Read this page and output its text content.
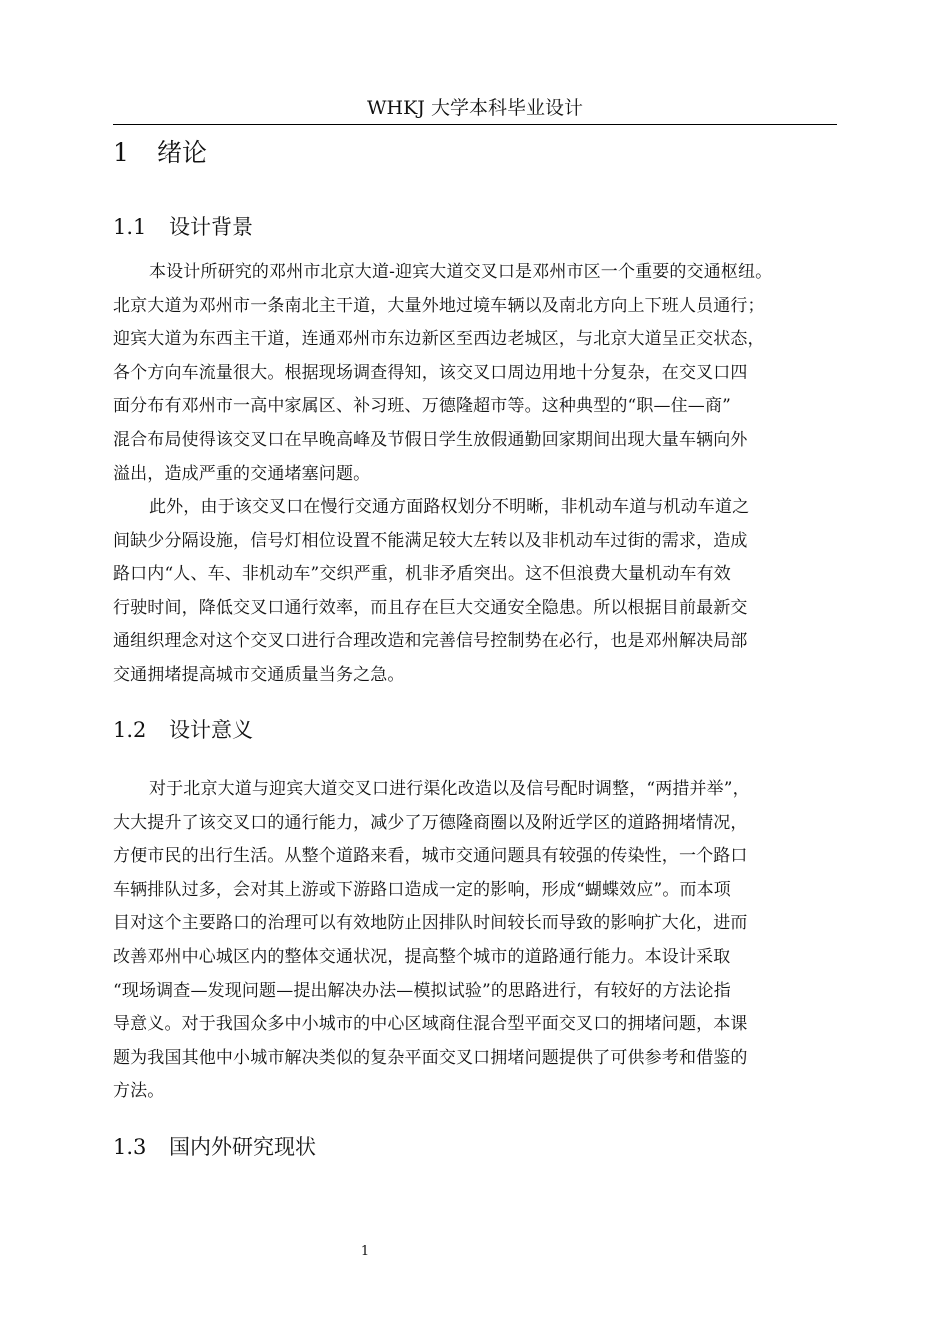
WHKJ 大学本科毕业设计
1 绪论
1.1 设计背景
本设计所研究的邓州市北京大道-迎宾大道交叉口是邓州市区一个重要的交通枢纽。
北京大道为邓州市一条南北主干道，大量外地过境车辆以及南北方向上下班人员通行；
迎宾大道为东西主干道，连通邓州市东边新区至西边老城区，与北京大道呈正交状态，
各个方向车流量很大。根据现场调查得知，该交叉口周边用地十分复杂，在交叉口四
面分布有邓州市一高中家属区、补习班、万德隆超市等。这种典型的“职—住—商”
混合布局使得该交叉口在早晚高峰及节假日学生放假通勤回家期间出现大量车辆向外
溢出，造成严重的交通堵塞问题。
此外，由于该交叉口在慢行交通方面路权划分不明晰，非机动车道与机动车道之
间缺少分隔设施，信号灯相位设置不能满足较大左转以及非机动车过街的需求，造成
路口内“人、车、非机动车”交织严重，机非矛盾突出。这不但浪费大量机动车有效
行驶时间，降低交叉口通行效率，而且存在巨大交通安全隐患。所以根据目前最新交
通组织理念对这个交叉口进行合理改造和完善信号控制势在必行，也是邓州解决局部
交通拥堵提高城市交通质量当务之急。
1.2 设计意义
对于北京大道与迎宾大道交叉口进行渠化改造以及信号配时调整，“两措并举”，
大大提升了该交叉口的通行能力，减少了万德隆商圈以及附近学区的道路拥堵情况，
方便市民的出行生活。从整个道路来看，城市交通问题具有较强的传染性，一个路口
车辆排队过多，会对其上游或下游路口造成一定的影响，形成“蝴蝶效应”。而本项
目对这个主要路口的治理可以有效地防止因排队时间较长而导致的影响扩大化，进而
改善邓州中心城区内的整体交通状况，提高整个城市的道路通行能力。本设计采取
“现场调查—发现问题—提出解决办法—模拟试验”的思路进行，有较好的方法论指
导意义。对于我国众多中小城市的中心区域商住混合型平面交叉口的拥堵问题，本课
题为我国其他中小城市解决类似的复杂平面交叉口拥堵问题提供了可供参考和借鉴的
方法。
1.3 国内外研究现状
1
